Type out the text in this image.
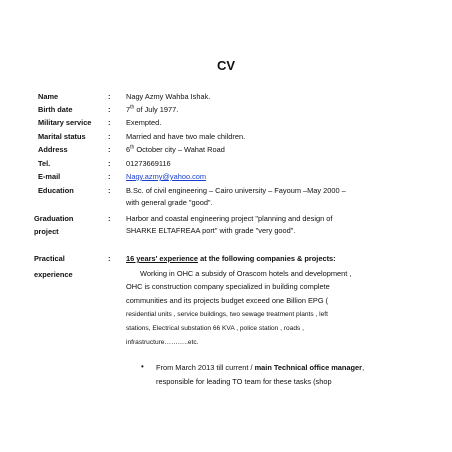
CV
Name	: Nagy Azmy Wahba Ishak.
Birth date	: 7th of July 1977.
Military service : Exempted.
Marital status	: Married and have two male children.
Address	: 6th October city – Wahat Road
Tel.	: 01273669116
E-mail	: Nagy.azmy@yahoo.com
Education	: B.Sc. of civil engineering – Cairo university – Fayoum –May 2000 –
with general grade "good".
Graduation
project
: Harbor and coastal engineering project "planning and design of
SHARKE ELTAFREAA port" with grade "very good".
Practical
experience
: 16 years' experience at the following companies & projects:
Working in OHC a subsidy of Orascom hotels and development ,
OHC is construction company specialized in building complete
communities and its projects budget exceed one Billion EPG (
residential units , service buildings, two sewage treatment plants , left
stations, Electrical substation 66 KVA , police station , roads ,
infrastructure………..etc.
• From March 2013 till current / main Technical office manager,
responsible for leading TO team for these tasks (shop
